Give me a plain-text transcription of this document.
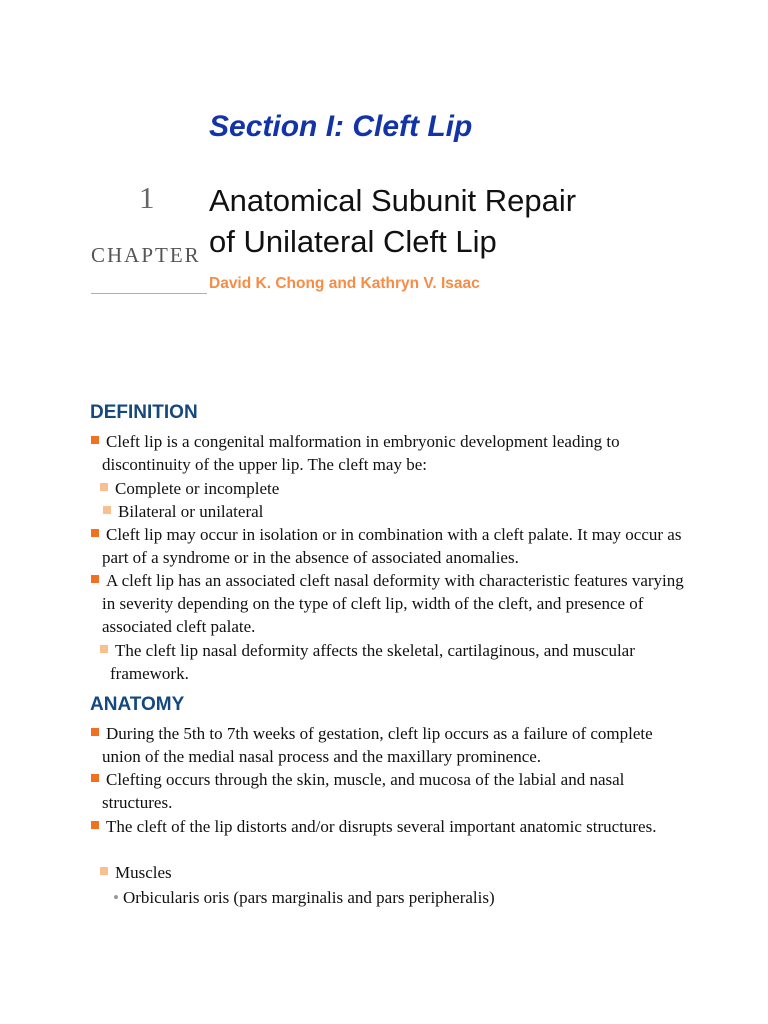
Section I: Cleft Lip
1
CHAPTER
Anatomical Subunit Repair
of Unilateral Cleft Lip
David K. Chong and Kathryn V. Isaac
DEFINITION
Cleft lip is a congenital malformation in embryonic development leading to discontinuity of the upper lip. The cleft may be:
Complete or incomplete
Bilateral or unilateral
Cleft lip may occur in isolation or in combination with a cleft palate. It may occur as part of a syndrome or in the absence of associated anomalies.
A cleft lip has an associated cleft nasal deformity with characteristic features varying in severity depending on the type of cleft lip, width of the cleft, and presence of associated cleft palate.
The cleft lip nasal deformity affects the skeletal, cartilaginous, and muscular framework.
ANATOMY
During the 5th to 7th weeks of gestation, cleft lip occurs as a failure of complete union of the medial nasal process and the maxillary prominence.
Clefting occurs through the skin, muscle, and mucosa of the labial and nasal structures.
The cleft of the lip distorts and/or disrupts several important anatomic structures.
Muscles
• Orbicularis oris (pars marginalis and pars peripheralis)
